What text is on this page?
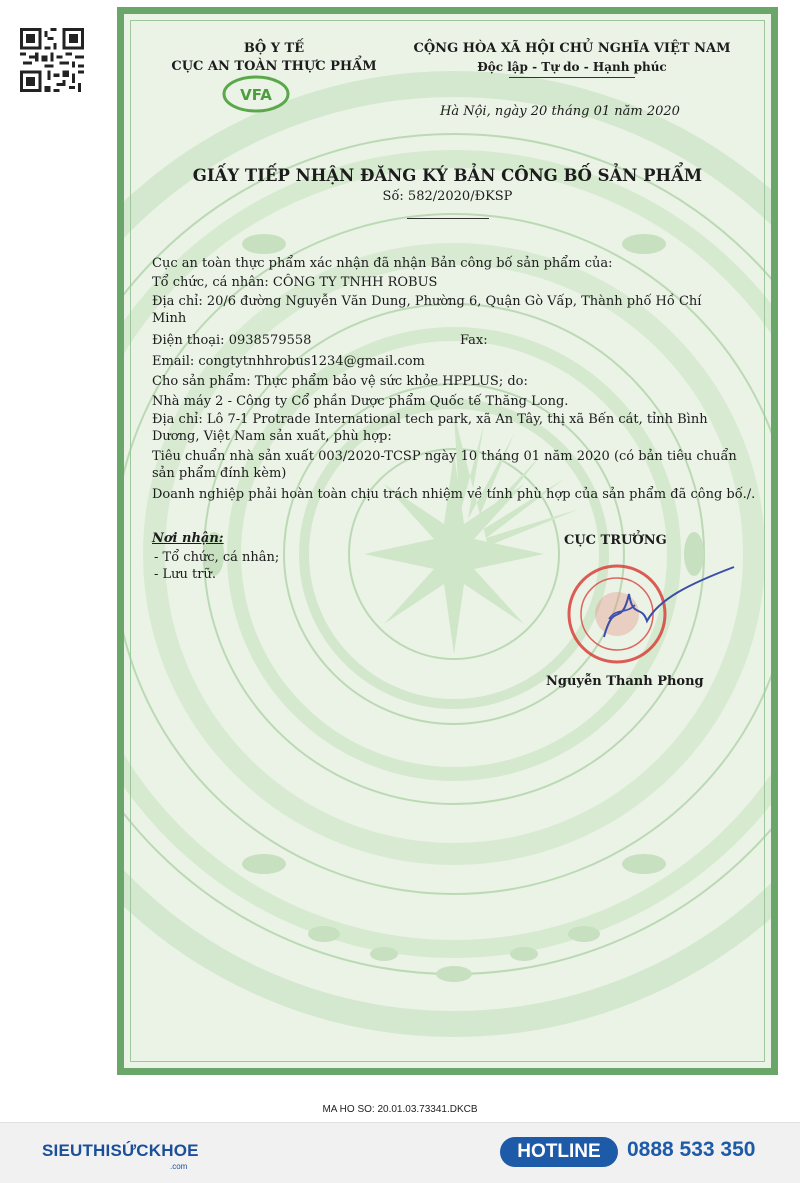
BỘ Y TẾ
CỤC AN TOÀN THỰC PHẨM
VFA
CỘNG HÒA XÃ HỘI CHỦ NGHĨA VIỆT NAM
Độc lập - Tự do - Hạnh phúc
Hà Nội, ngày 20 tháng 01 năm 2020
GIẤY TIẾP NHẬN ĐĂNG KÝ BẢN CÔNG BỐ SẢN PHẨM
Số: 582/2020/ĐKSP
Cục an toàn thực phẩm xác nhận đã nhận Bản công bố sản phẩm của:
Tổ chức, cá nhân: CÔNG TY TNHH ROBUS
Địa chỉ: 20/6 đường Nguyễn Văn Dung, Phường 6, Quận Gò Vấp, Thành phố Hồ Chí
Minh
Điện thoại: 0938579558	Fax:
Email: congtytnhhrobus1234@gmail.com
Cho sản phẩm: Thực phẩm bảo vệ sức khỏe HPPLUS; do:
Nhà máy 2 - Công ty Cổ phần Dược phẩm Quốc tế Thăng Long.
Địa chỉ: Lô 7-1 Protrade International tech park, xã An Tây, thị xã Bến cát, tỉnh Bình
Dương, Việt Nam sản xuất, phù hợp:
Tiêu chuẩn nhà sản xuất 003/2020-TCSP ngày 10 tháng 01 năm 2020 (có bản tiêu chuẩn
sản phẩm đính kèm)
Doanh nghiệp phải hoàn toàn chịu trách nhiệm về tính phù hợp của sản phẩm đã công bố./.
Nơi nhận:
- Tổ chức, cá nhân;
- Lưu trữ.
CỤC TRƯỞNG
Nguyễn Thanh Phong
MA HO SO: 20.01.03.73341.DKCB
SIEUTHISỨCKHOE
.com
HOTLINE	0888 533 350
